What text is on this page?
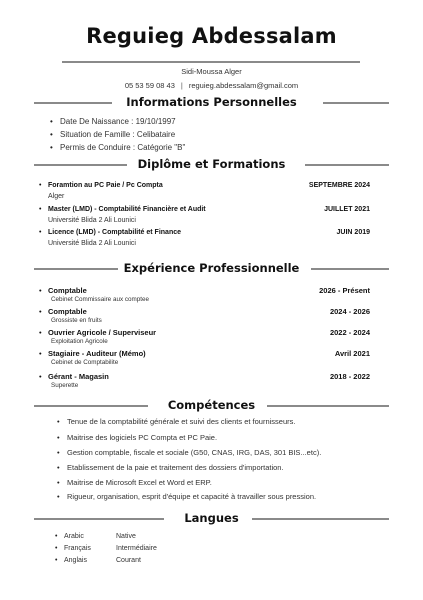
Reguieg Abdessalam
Sidi-Moussa Alger
05 53 59 08 43 | reguieg.abdessalam@gmail.com
Informations Personnelles
• Date De Naissance : 19/10/1997
• Situation de Famille : Celibataire
• Permis de Conduire : Catégorie "B"
Diplôme et Formations
• Foramtion au PC Paie / Pc Compta	SEPTEMBRE 2024
Alger
• Master (LMD) - Comptabilité Financière et Audit	JUILLET 2021
Université Blida 2 Ali Lounici
• Licence (LMD) - Comptabilité et Finance	JUIN 2019
Université Blida 2 Ali Lounici
Expérience Professionnelle
• Comptable	2026 - Présent
Cebinet Commissaire aux comptee
• Comptable	2024 - 2026
Grossiste en fruits
• Ouvrier Agricole / Superviseur	2022 - 2024
Exploitation Agricole
• Stagiaire - Auditeur (Mémo)	Avril 2021
Cebinet de Comptabilite
• Gérant - Magasin	2018 - 2022
Superette
Compétences
• Tenue de la comptabilité générale et suivi des clients et fournisseurs.
• Maitrise des logiciels PC Compta et PC Paie.
• Gestion comptable, fiscale et sociale (G50, CNAS, IRG, DAS, 301 BIS...etc).
• Etablissement de la paie et traitement des dossiers d'importation.
• Maitrise de Microsoft Excel et Word et ERP.
• Rigueur, organisation, esprit d'équipe et capacité à travailler sous pression.
Langues
• Arabic	Native
• Français	Intermédiaire
• Anglais	Courant
